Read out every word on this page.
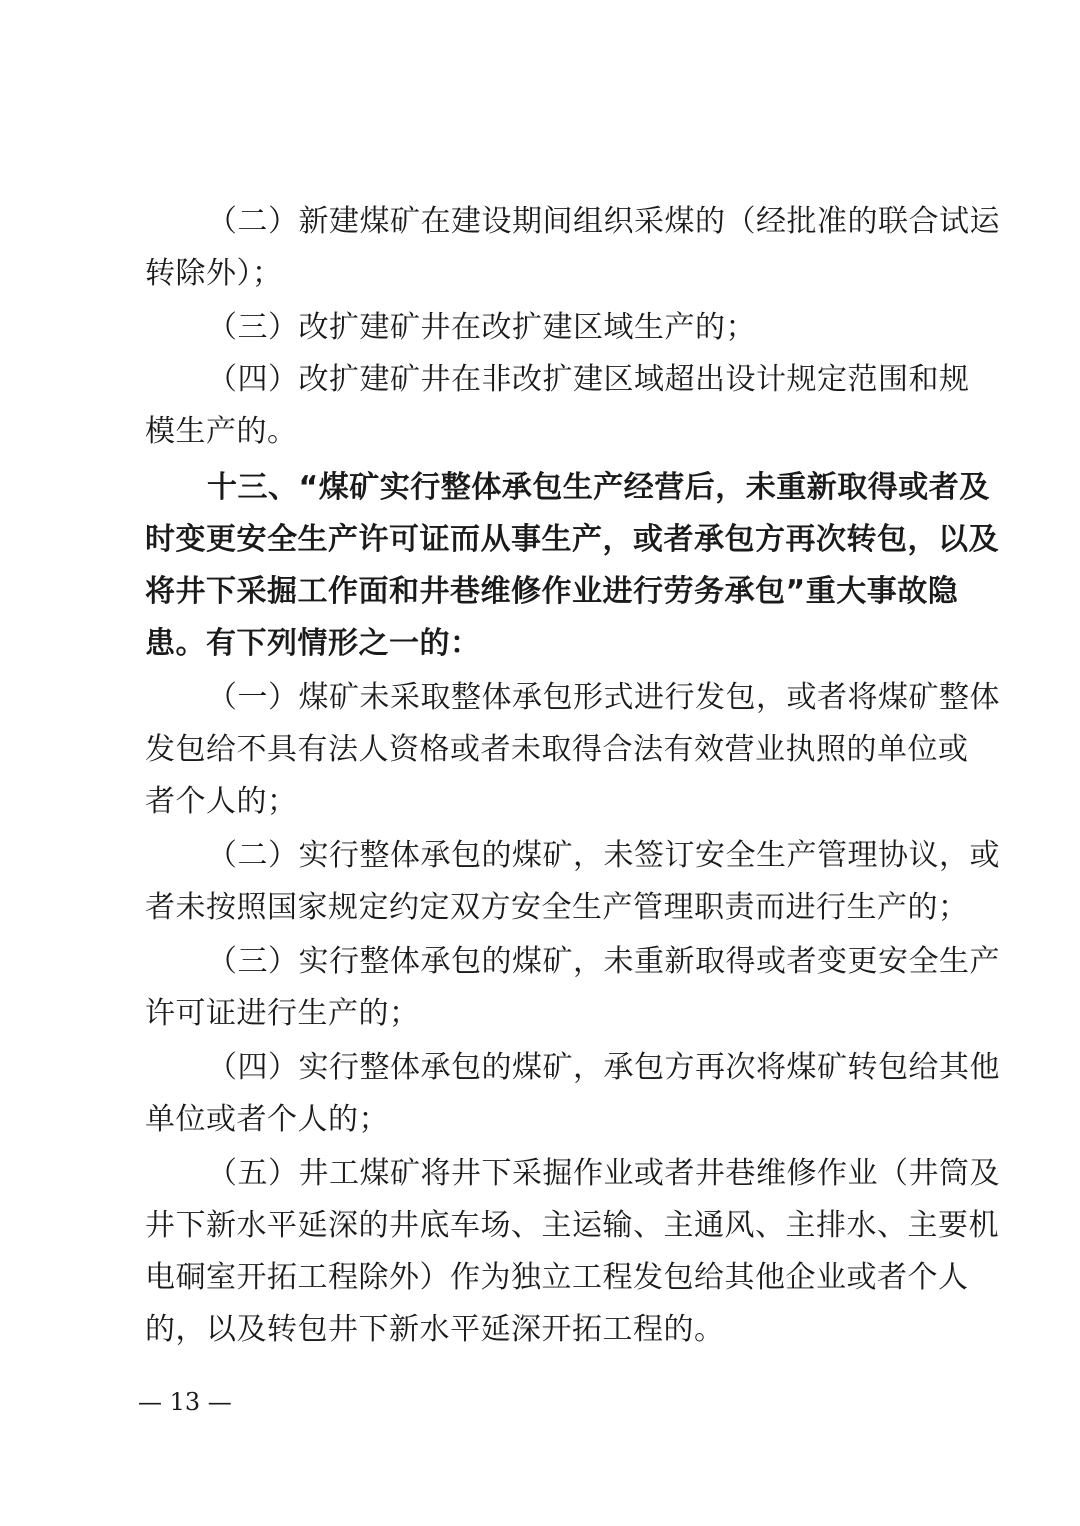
（二）新建煤矿在建设期间组织采煤的（经批准的联合试运
转除外）；
（三）改扩建矿井在改扩建区域生产的；
（四）改扩建矿井在非改扩建区域超出设计规定范围和规
模生产的。
十三、“煤矿实行整体承包生产经营后，未重新取得或者及
时变更安全生产许可证而从事生产，或者承包方再次转包，以及
将井下采掘工作面和井巷维修作业进行劳务承包”重大事故隐
患。有下列情形之一的：
（一）煤矿未采取整体承包形式进行发包，或者将煤矿整体
发包给不具有法人资格或者未取得合法有效营业执照的单位或
者个人的；
（二）实行整体承包的煤矿，未签订安全生产管理协议，或
者未按照国家规定约定双方安全生产管理职责而进行生产的；
（三）实行整体承包的煤矿，未重新取得或者变更安全生产
许可证进行生产的；
（四）实行整体承包的煤矿，承包方再次将煤矿转包给其他
单位或者个人的；
（五）井工煤矿将井下采掘作业或者井巷维修作业（井筒及
井下新水平延深的井底车场、主运输、主通风、主排水、主要机
电硐室开拓工程除外）作为独立工程发包给其他企业或者个人
的，以及转包井下新水平延深开拓工程的。
— 13 —
